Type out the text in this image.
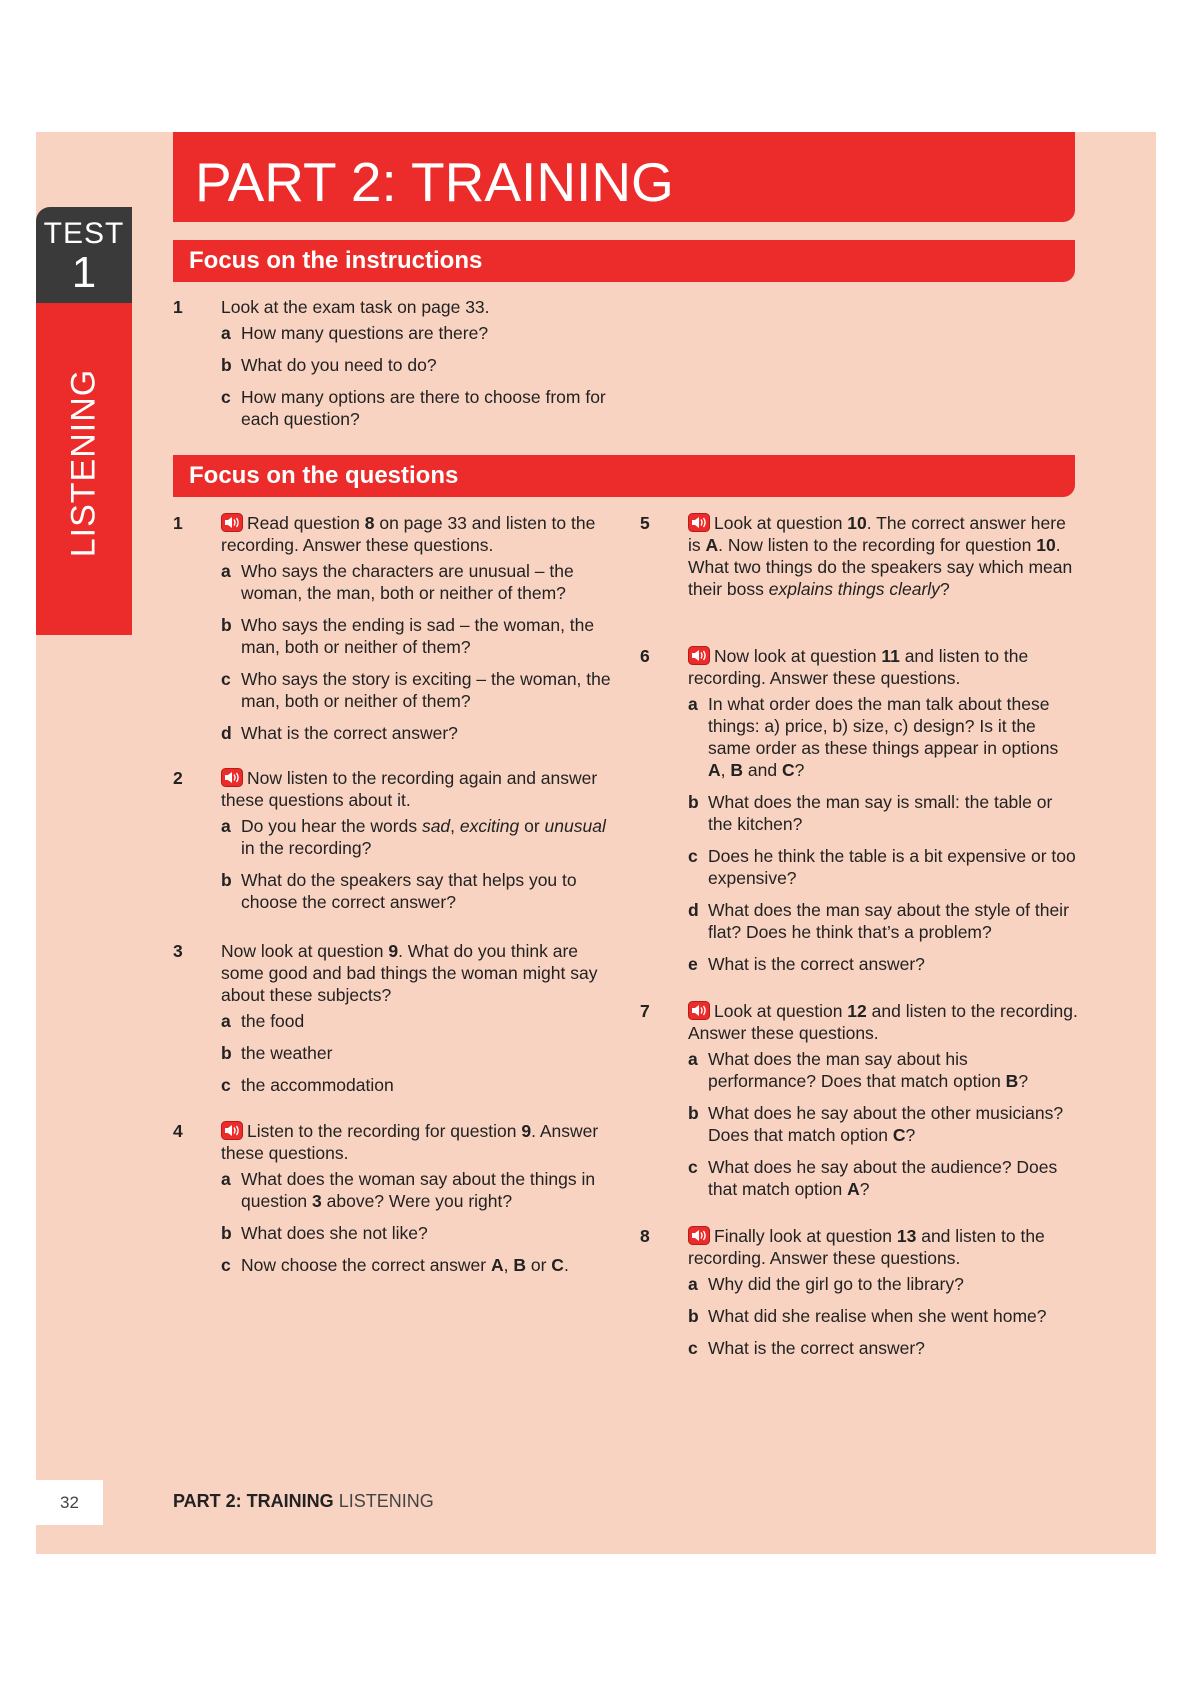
TEST
1
LISTENING
PART 2: TRAINING
Focus on the instructions
1 Look at the exam task on page 33.
a How many questions are there?
b What do you need to do?
c How many options are there to choose from for each question?
Focus on the questions
1	Read question 8 on page 33 and listen to the recording. Answer these questions.
a Who says the characters are unusual – the woman, the man, both or neither of them?
b Who says the ending is sad – the woman, the man, both or neither of them?
c Who says the story is exciting – the woman, the man, both or neither of them?
d What is the correct answer?
2	Now listen to the recording again and answer these questions about it.
a Do you hear the words sad, exciting or unusual in the recording?
b What do the speakers say that helps you to choose the correct answer?
3 Now look at question 9. What do you think are some good and bad things the woman might say about these subjects?
a the food
b the weather
c the accommodation
4	Listen to the recording for question 9. Answer these questions.
a What does the woman say about the things in question 3 above? Were you right?
b What does she not like?
c Now choose the correct answer A, B or C.
5	Look at question 10. The correct answer here is A. Now listen to the recording for question 10. What two things do the speakers say which mean their boss explains things clearly?
6	Now look at question 11 and listen to the recording. Answer these questions.
a In what order does the man talk about these things: a) price, b) size, c) design? Is it the same order as these things appear in options A, B and C?
b What does the man say is small: the table or the kitchen?
c Does he think the table is a bit expensive or too expensive?
d What does the man say about the style of their flat? Does he think that’s a problem?
e What is the correct answer?
7	Look at question 12 and listen to the recording. Answer these questions.
a What does the man say about his performance? Does that match option B?
b What does he say about the other musicians? Does that match option C?
c What does he say about the audience? Does that match option A?
8	Finally look at question 13 and listen to the recording. Answer these questions.
a Why did the girl go to the library?
b What did she realise when she went home?
c What is the correct answer?
32	PART 2: TRAINING LISTENING
